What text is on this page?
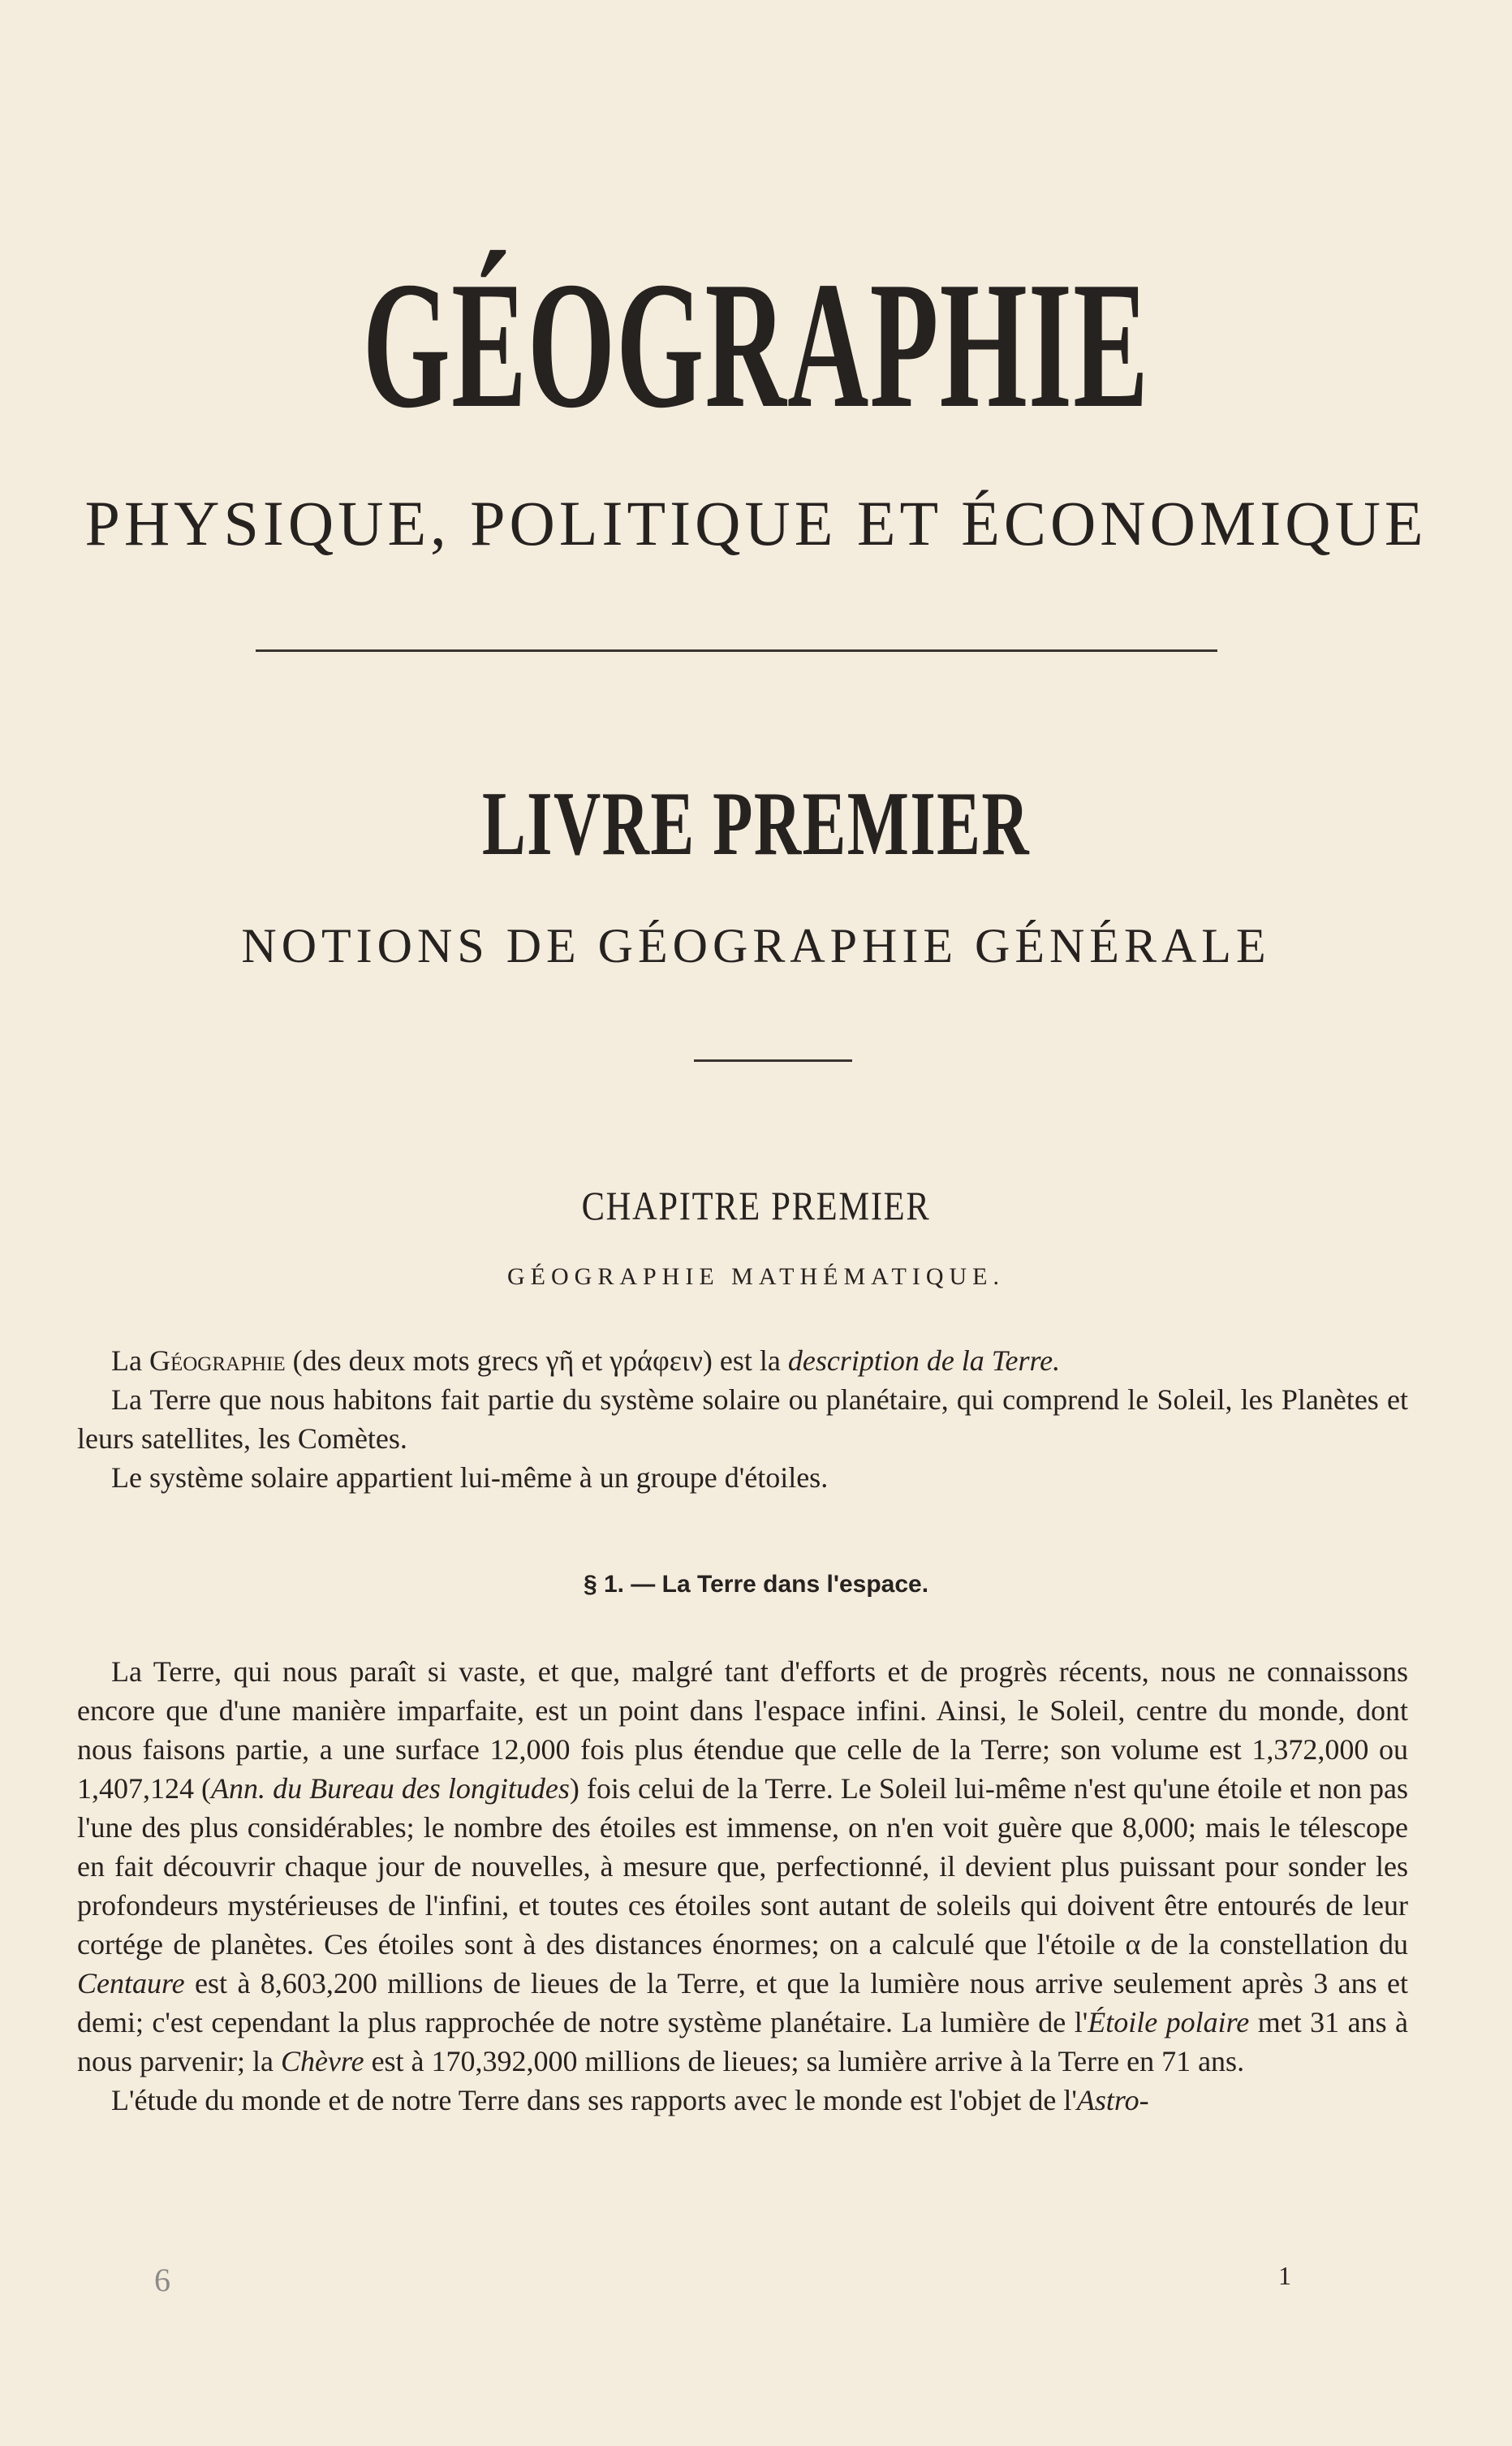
GÉOGRAPHIE
PHYSIQUE, POLITIQUE ET ÉCONOMIQUE
LIVRE PREMIER
NOTIONS DE GÉOGRAPHIE GÉNÉRALE
CHAPITRE PREMIER
GÉOGRAPHIE MATHÉMATIQUE.

La Géographie (des deux mots grecs γῆ et γράφειν) est la description de la Terre.

La Terre que nous habitons fait partie du système solaire ou planétaire, qui comprend le Soleil, les Planètes et leurs satellites, les Comètes.

Le système solaire appartient lui-même à un groupe d'étoiles.

§ 1. — La Terre dans l'espace.

La Terre, qui nous paraît si vaste, et que, malgré tant d'efforts et de progrès récents, nous ne connaissons encore que d'une manière imparfaite, est un point dans l'espace infini. Ainsi, le Soleil, centre du monde, dont nous faisons partie, a une surface 12,000 fois plus étendue que celle de la Terre; son volume est 1,372,000 ou 1,407,124 (Ann. du Bureau des longitudes) fois celui de la Terre. Le Soleil lui-même n'est qu'une étoile et non pas l'une des plus considérables; le nombre des étoiles est immense, on n'en voit guère que 8,000; mais le télescope en fait découvrir chaque jour de nouvelles, à mesure que, perfectionné, il devient plus puissant pour sonder les profondeurs mystérieuses de l'infini, et toutes ces étoiles sont autant de soleils qui doivent être entourés de leur cortége de planètes. Ces étoiles sont à des distances énormes; on a calculé que l'étoile α de la constellation du Centaure est à 8,603,200 millions de lieues de la Terre, et que la lumière nous arrive seulement après 3 ans et demi; c'est cependant la plus rapprochée de notre système planétaire. La lumière de l'Étoile polaire met 31 ans à nous parvenir; la Chèvre est à 170,392,000 millions de lieues; sa lumière arrive à la Terre en 71 ans.

L'étude du monde et de notre Terre dans ses rapports avec le monde est l'objet de l'Astro-

6	1
